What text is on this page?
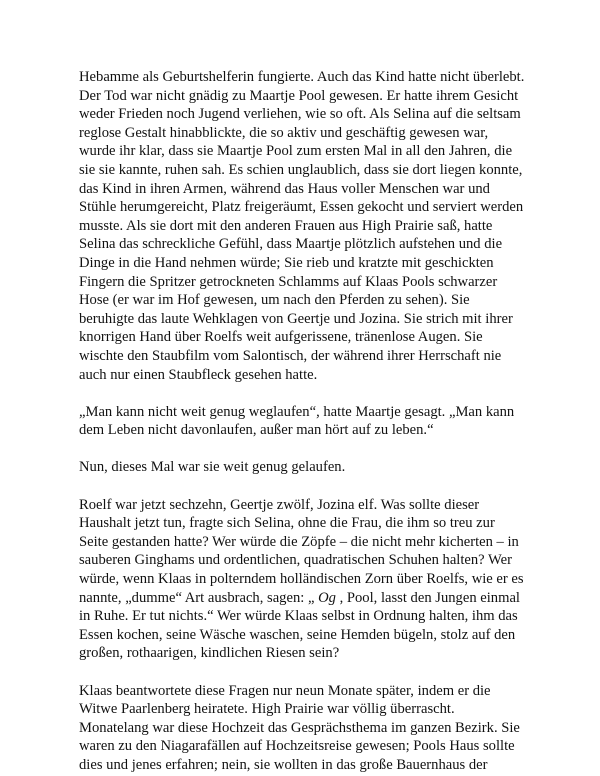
Hebamme als Geburtshelferin fungierte. Auch das Kind hatte nicht überlebt.
Der Tod war nicht gnädig zu Maartje Pool gewesen. Er hatte ihrem Gesicht
weder Frieden noch Jugend verliehen, wie so oft. Als Selina auf die seltsam
reglose Gestalt hinabblickte, die so aktiv und geschäftig gewesen war,
wurde ihr klar, dass sie Maartje Pool zum ersten Mal in all den Jahren, die
sie sie kannte, ruhen sah. Es schien unglaublich, dass sie dort liegen konnte,
das Kind in ihren Armen, während das Haus voller Menschen war und
Stühle herumgereicht, Platz freigeräumt, Essen gekocht und serviert werden
musste. Als sie dort mit den anderen Frauen aus High Prairie saß, hatte
Selina das schreckliche Gefühl, dass Maartje plötzlich aufstehen und die
Dinge in die Hand nehmen würde; Sie rieb und kratzte mit geschickten
Fingern die Spritzer getrockneten Schlamms auf Klaas Pools schwarzer
Hose (er war im Hof gewesen, um nach den Pferden zu sehen). Sie
beruhigte das laute Wehklagen von Geertje und Jozina. Sie strich mit ihrer
knorrigen Hand über Roelfs weit aufgerissene, tränenlose Augen. Sie
wischte den Staubfilm vom Salontisch, der während ihrer Herrschaft nie
auch nur einen Staubfleck gesehen hatte.

„Man kann nicht weit genug weglaufen“, hatte Maartje gesagt. „Man kann
dem Leben nicht davonlaufen, außer man hört auf zu leben.“

Nun, dieses Mal war sie weit genug gelaufen.

Roelf war jetzt sechzehn, Geertje zwölf, Jozina elf. Was sollte dieser
Haushalt jetzt tun, fragte sich Selina, ohne die Frau, die ihm so treu zur
Seite gestanden hatte? Wer würde die Zöpfe – die nicht mehr kicherten – in
sauberen Ginghams und ordentlichen, quadratischen Schuhen halten? Wer
würde, wenn Klaas in polterndem holländischen Zorn über Roelfs, wie er es
nannte, „dumme“ Art ausbrach, sagen: „ Og , Pool, lasst den Jungen einmal
in Ruhe. Er tut nichts.“ Wer würde Klaas selbst in Ordnung halten, ihm das
Essen kochen, seine Wäsche waschen, seine Hemden bügeln, stolz auf den
großen, rothaarigen, kindlichen Riesen sein?

Klaas beantwortete diese Fragen nur neun Monate später, indem er die
Witwe Paarlenberg heiratete. High Prairie war völlig überrascht.
Monatelang war diese Hochzeit das Gesprächsthema im ganzen Bezirk. Sie
waren zu den Niagarafällen auf Hochzeitsreise gewesen; Pools Haus sollte
dies und jenes erfahren; nein, sie wollten in das große Bauernhaus der
